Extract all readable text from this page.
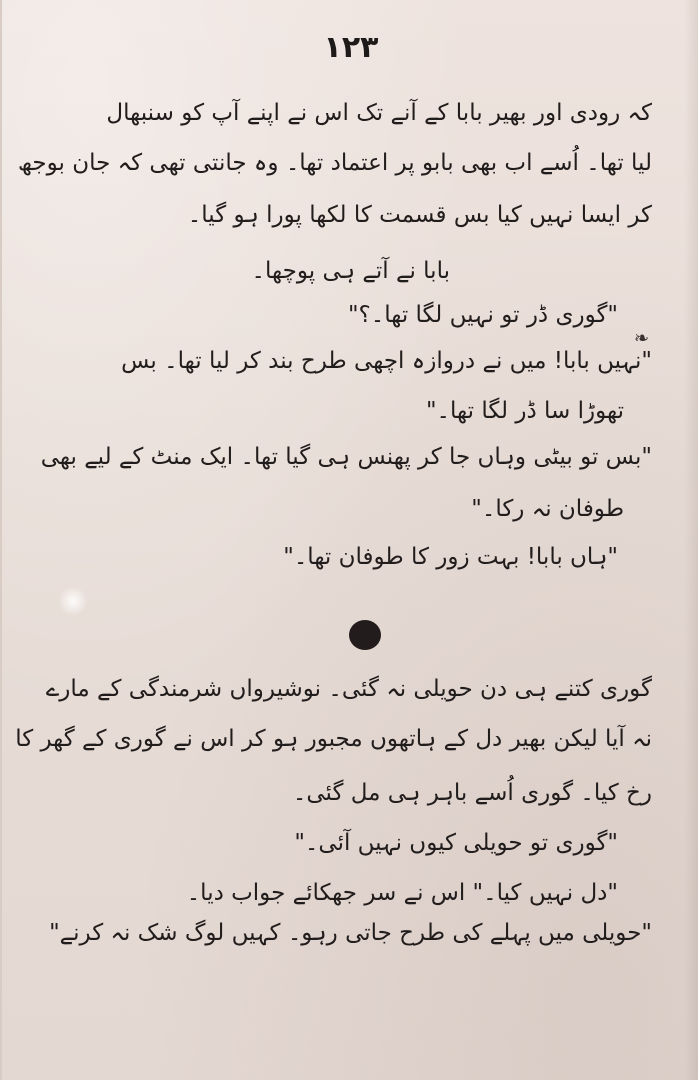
۱۲۳
کہ رودی اور بھیر بابا کے آنے تک اس نے اپنے آپ کو سنبھال
لیا تھا۔ اُسے اب بھی بابو پر اعتماد تھا۔ وہ جانتی تھی کہ جان بوجھ
کر ایسا نہیں کیا بس قسمت کا لکھا پورا ہو گیا۔
بابا نے آتے ہی پوچھا۔
"گوری ڈر تو نہیں لگا تھا۔؟"
❧
"نہیں بابا! میں نے دروازہ اچھی طرح بند کر لیا تھا۔ بس
تھوڑا سا ڈر لگا تھا۔"
"بس تو بیٹی وہاں جا کر پھنس ہی گیا تھا۔ ایک منٹ کے لیے بھی
طوفان نہ رکا۔"
"ہاں بابا! بہت زور کا طوفان تھا۔"
گوری کتنے ہی دن حویلی نہ گئی۔ نوشیرواں شرمندگی کے مارے
نہ آیا لیکن بھیر دل کے ہاتھوں مجبور ہو کر اس نے گوری کے گھر کا
رخ کیا۔ گوری اُسے باہر ہی مل گئی۔
"گوری تو حویلی کیوں نہیں آئی۔"
"دل نہیں کیا۔" اس نے سر جھکائے جواب دیا۔
"حویلی میں پہلے کی طرح جاتی رہو۔ کہیں لوگ شک نہ کرنے"
